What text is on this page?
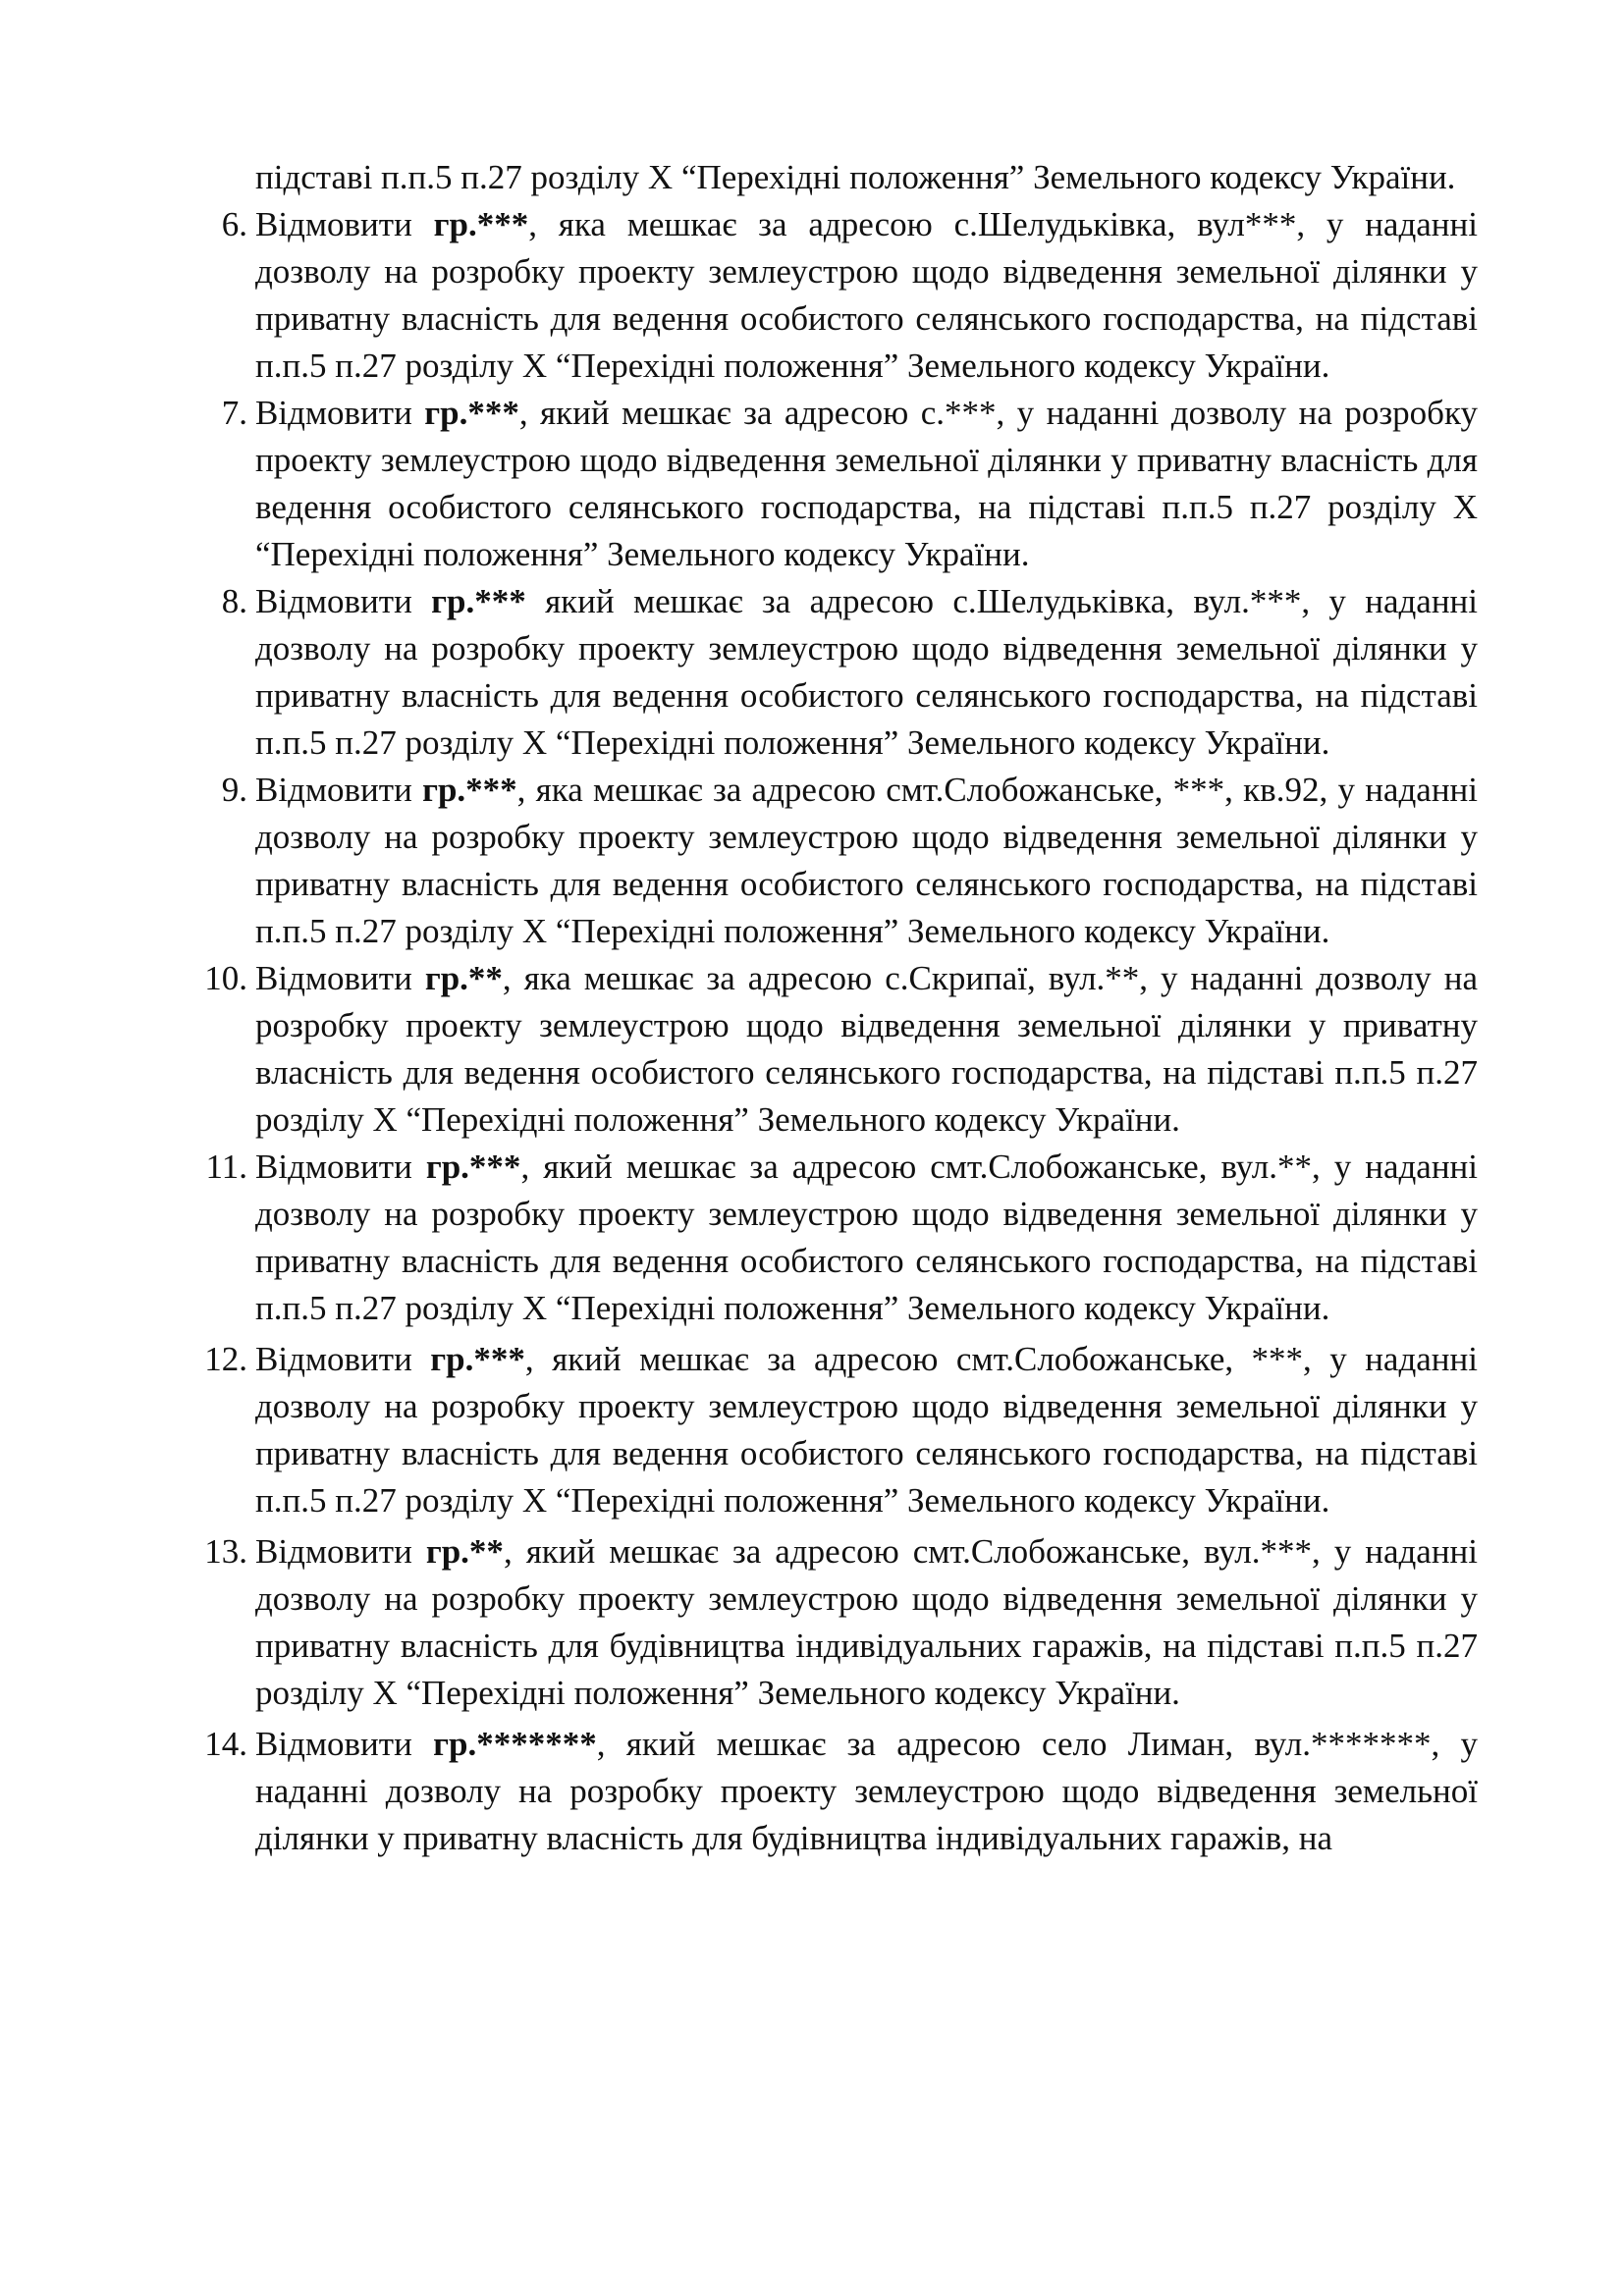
підставі п.п.5 п.27 розділу X “Перехідні положення” Земельного кодексу України.

6. Відмовити гр.***, яка мешкає за адресою с.Шелудьківка, вул***, у наданні дозволу на розробку проекту землеустрою щодо відведення земельної ділянки у приватну власність для ведення особистого селянського господарства, на підставі п.п.5 п.27 розділу X “Перехідні положення” Земельного кодексу України.

7. Відмовити гр.***, який мешкає за адресою с.***, у наданні дозволу на розробку проекту землеустрою щодо відведення земельної ділянки у приватну власність для ведення особистого селянського господарства, на підставі п.п.5 п.27 розділу X “Перехідні положення” Земельного кодексу України.

8. Відмовити гр.*** який мешкає за адресою с.Шелудьківка, вул.***, у наданні дозволу на розробку проекту землеустрою щодо відведення земельної ділянки у приватну власність для ведення особистого селянського господарства, на підставі п.п.5 п.27 розділу X “Перехідні положення” Земельного кодексу України.

9. Відмовити гр.***, яка мешкає за адресою смт.Слобожанське, ***, кв.92, у наданні дозволу на розробку проекту землеустрою щодо відведення земельної ділянки у приватну власність для ведення особистого селянського господарства, на підставі п.п.5 п.27 розділу X “Перехідні положення” Земельного кодексу України.

10. Відмовити гр.**, яка мешкає за адресою с.Скрипаї, вул.**, у наданні дозволу на розробку проекту землеустрою щодо відведення земельної ділянки у приватну власність для ведення особистого селянського господарства, на підставі п.п.5 п.27 розділу X “Перехідні положення” Земельного кодексу України.

11. Відмовити гр.***, який мешкає за адресою смт.Слобожанське, вул.**, у наданні дозволу на розробку проекту землеустрою щодо відведення земельної ділянки у приватну власність для ведення особистого селянського господарства, на підставі п.п.5 п.27 розділу X “Перехідні положення” Земельного кодексу України.

12. Відмовити гр.***, який мешкає за адресою смт.Слобожанське, ***, у наданні дозволу на розробку проекту землеустрою щодо відведення земельної ділянки у приватну власність для ведення особистого селянського господарства, на підставі п.п.5 п.27 розділу X “Перехідні положення” Земельного кодексу України.

13. Відмовити гр.**, який мешкає за адресою смт.Слобожанське, вул.***, у наданні дозволу на розробку проекту землеустрою щодо відведення земельної ділянки у приватну власність для будівництва індивідуальних гаражів, на підставі п.п.5 п.27 розділу X “Перехідні положення” Земельного кодексу України.

14. Відмовити гр.*******, який мешкає за адресою село Лиман, вул.*******, у наданні дозволу на розробку проекту землеустрою щодо відведення земельної ділянки у приватну власність для будівництва індивідуальних гаражів, на
